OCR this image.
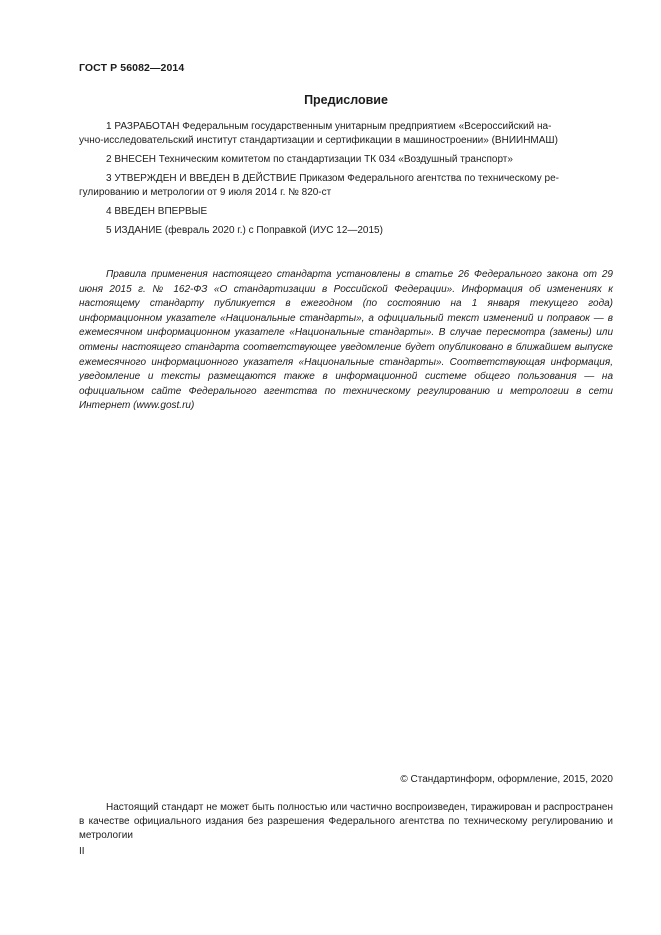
ГОСТ Р 56082—2014
Предисловие
1 РАЗРАБОТАН Федеральным государственным унитарным предприятием «Всероссийский на-
учно-исследовательский институт стандартизации и сертификации в машиностроении» (ВНИИНМАШ)
2 ВНЕСЕН Техническим комитетом по стандартизации ТК 034 «Воздушный транспорт»
3 УТВЕРЖДЕН И ВВЕДЕН В ДЕЙСТВИЕ Приказом Федерального агентства по техническому ре-
гулированию и метрологии от 9 июля 2014 г. № 820-ст
4 ВВЕДЕН ВПЕРВЫЕ
5 ИЗДАНИЕ (февраль 2020 г.) с Поправкой (ИУС 12—2015)
Правила применения настоящего стандарта установлены в статье 26 Федерального закона от 29 июня 2015 г. № 162-ФЗ «О стандартизации в Российской Федерации». Информация об изменениях к настоящему стандарту публикуется в ежегодном (по состоянию на 1 января текущего года) информационном указателе «Национальные стандарты», а официальный текст изменений и поправок — в ежемесячном информационном указателе «Национальные стандарты». В случае пересмотра (замены) или отмены настоящего стандарта соответствующее уведомление будет опубликовано в ближайшем выпуске ежемесячного информационного указателя «Национальные стандарты». Соответствующая информация, уведомление и тексты размещаются также в информационной системе общего пользования — на официальном сайте Федерального агентства по техническому регулированию и метрологии в сети Интернет (www.gost.ru)
© Стандартинформ, оформление, 2015, 2020
Настоящий стандарт не может быть полностью или частично воспроизведен, тиражирован и распространен в качестве официального издания без разрешения Федерального агентства по техническому регулированию и метрологии
II
